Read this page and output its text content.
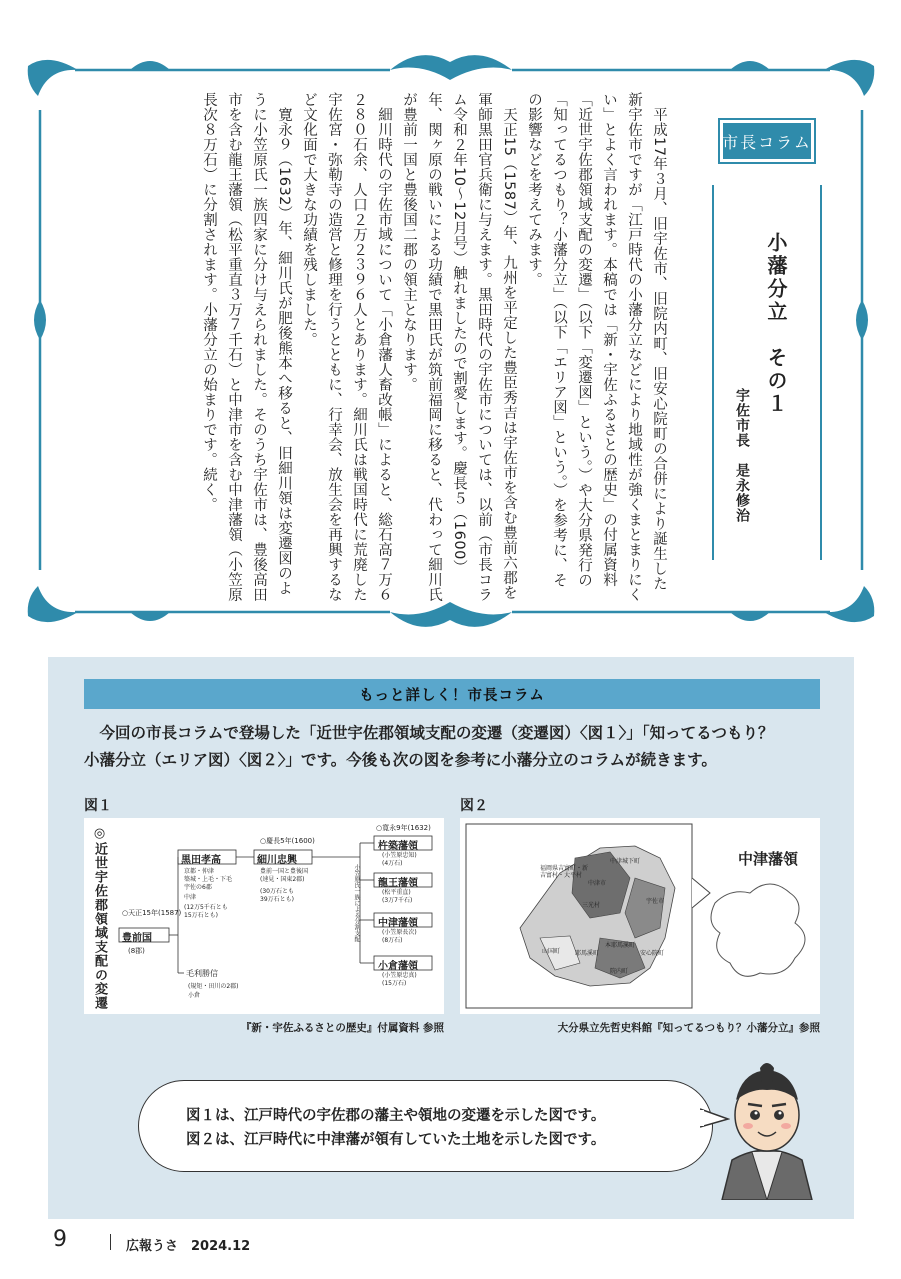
市長コラム
小藩分立　その１
宇佐市長　是永修治

平成17年３月、旧宇佐市、旧院内町、旧安心院町の合併により誕生した新宇佐市ですが「江戸時代の小藩分立などにより地域性が強くまとまりにくい」とよく言われます。本稿では「新・宇佐ふるさとの歴史」の付属資料「近世宇佐郡領域支配の変遷」（以下「変遷図」という。）や大分県発行の「知ってるつもり？小藩分立」（以下「エリア図」という。）を参考に、その影響などを考えてみます。

天正15（1587）年、九州を平定した豊臣秀吉は宇佐市を含む豊前六郡を軍師黒田官兵衛に与えます。黒田時代の宇佐市については、以前（市長コラム令和２年10～12月号）触れましたので割愛します。慶長５（1600）年、関ヶ原の戦いによる功績で黒田氏が筑前福岡に移ると、代わって細川氏が豊前一国と豊後国二郡の領主となります。

細川時代の宇佐市域について「小倉藩人畜改帳」によると、総石高７万６２８０石余、人口２万２３９６人とあります。細川氏は戦国時代に荒廃した宇佐宮・弥勒寺の造営と修理を行うとともに、行幸会、放生会を再興するなど文化面で大きな功績を残しました。

寛永９（1632）年、細川氏が肥後熊本へ移ると、旧細川領は変遷図のように小笠原氏一族四家に分け与えられました。そのうち宇佐市は、豊後高田市を含む龍王藩領（松平重直３万７千石）と中津市を含む中津藩領（小笠原長次８万石）に分割されます。小藩分立の始まりです。続く。

もっと詳しく！市長コラム
今回の市長コラムで登場した「近世宇佐郡領域支配の変遷（変遷図）〈図１〉」「知ってるつもり？
小藩分立（エリア図）〈図２〉」です。今後も次の図を参考に小藩分立のコラムが続きます。
図１	図２
◎近世宇佐郡領域支配の変遷 ○天正15年(1587)
豊前国
(8郡)
黒田孝高
京都・仲津
築城・上毛・下毛
宇佐の6郡
中津
(12万5千石とも
15万石とも)
○慶長5年(1600)
細川忠興
豊前一国と豊後国
(速見・国東2郡)
(30万石とも
39万石とも)
毛利勝信
(規矩・田川の2郡)
小倉
○寛永9年(1632)
小笠原氏一族による分割支配
杵築藩領
(小笠原忠知)
(4万石)
龍王藩領
(松平重直)
(3万7千石)
中津藩領
(小笠原長次)
(8万石)
小倉藩領
(小笠原忠真)
(15万石)
中津藩領
中津城下町
福岡県吉富町・新
吉富村・大平村
中津市
宇佐市
三光村
山国町 耶馬溪町
本耶馬溪町
院内町
安心院町
『新・宇佐ふるさとの歴史』付属資料 参照	大分県立先哲史料館『知ってるつもり？小藩分立』参照
図１は、江戸時代の宇佐郡の藩主や領地の変遷を示した図です。
図２は、江戸時代に中津藩が領有していた土地を示した図です。
9	広報うさ　2024.12
